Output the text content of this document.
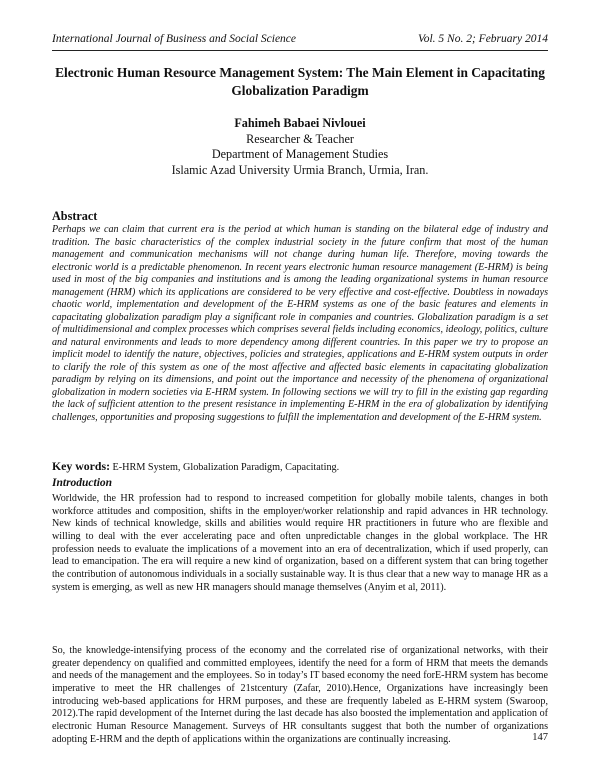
International Journal of Business and Social Science	Vol. 5 No. 2; February 2014
Electronic Human Resource Management System: The Main Element in Capacitating Globalization Paradigm
Fahimeh Babaei Nivlouei
Researcher & Teacher
Department of Management Studies
Islamic Azad University Urmia Branch, Urmia, Iran.
Abstract
Perhaps we can claim that current era is the period at which human is standing on the bilateral edge of industry and tradition. The basic characteristics of the complex industrial society in the future confirm that most of the human management and communication mechanisms will not change during human life. Therefore, moving towards the electronic world is a predictable phenomenon. In recent years electronic human resource management (E-HRM) is being used in most of the big companies and institutions and is among the leading organizational systems in human resource management (HRM) which its applications are considered to be very effective and cost-effective. Doubtless in nowadays chaotic world, implementation and development of the E-HRM systems as one of the basic features and elements in capacitating globalization paradigm play a significant role in companies and countries. Globalization paradigm is a set of multidimensional and complex processes which comprises several fields including economics, ideology, politics, culture and natural environments and leads to more dependency among different countries. In this paper we try to propose an implicit model to identify the nature, objectives, policies and strategies, applications and E-HRM system outputs in order to clarify the role of this system as one of the most affective and affected basic elements in capacitating globalization paradigm by relying on its dimensions, and point out the importance and necessity of the phenomena of organizational globalization in modern societies via E-HRM system. In following sections we will try to fill in the existing gap regarding the lack of sufficient attention to the present resistance in implementing E-HRM in the era of globalization by identifying challenges, opportunities and proposing suggestions to fulfill the implementation and development of the E-HRM system.
Key words: E-HRM System, Globalization Paradigm, Capacitating.
Introduction
Worldwide, the HR profession had to respond to increased competition for globally mobile talents, changes in both workforce attitudes and composition, shifts in the employer/worker relationship and rapid advances in HR technology. New kinds of technical knowledge, skills and abilities would require HR practitioners in future who are flexible and willing to deal with the ever accelerating pace and often unpredictable changes in the global workplace. The HR profession needs to evaluate the implications of a movement into an era of decentralization, which if used properly, can lead to emancipation. The era will require a new kind of organization, based on a different system that can bring together the contribution of autonomous individuals in a socially sustainable way. It is thus clear that a new way to manage HR as a system is emerging, as well as new HR managers should manage themselves (Anyim et al, 2011).
So, the knowledge-intensifying process of the economy and the correlated rise of organizational networks, with their greater dependency on qualified and committed employees, identify the need for a form of HRM that meets the demands and needs of the management and the employees. So in today’s IT based economy the need forE-HRM system has become imperative to meet the HR challenges of 21stcentury (Zafar, 2010).Hence, Organizations have increasingly been introducing web-based applications for HRM purposes, and these are frequently labeled as E-HRM system (Swaroop, 2012).The rapid development of the Internet during the last decade has also boosted the implementation and application of electronic Human Resource Management. Surveys of HR consultants suggest that both the number of organizations adopting E-HRM and the depth of applications within the organizations are continually increasing.	147
